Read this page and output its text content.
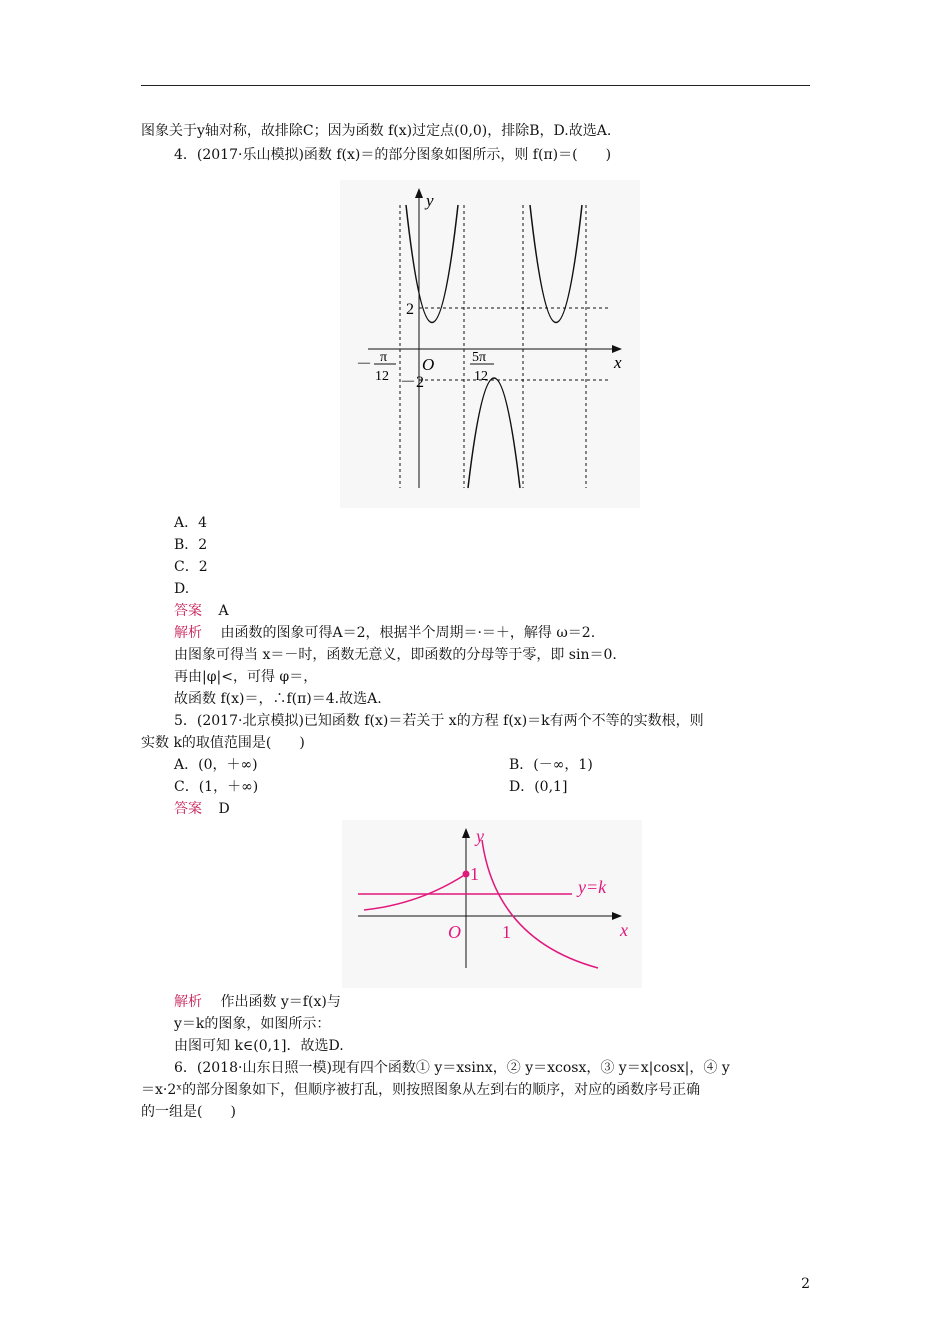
图象关于y轴对称，故排除C；因为函数 f(x)过定点(0,0)，排除B，D.故选A.
4．(2017·乐山模拟)函数 f(x)＝的部分图象如图所示，则 f(π)＝(　　)
y
x
O
2
－2
－ π
12
5π
12
A．4
B．2
C．2
D.
答案 A
解析 由函数的图象可得A＝2，根据半个周期＝·＝＋，解得 ω＝2.
由图象可得当 x＝－时，函数无意义，即函数的分母等于零，即 sin＝0.
再由|φ|<，可得 φ＝，
故函数 f(x)＝，∴f(π)＝4.故选A.
5．(2017·北京模拟)已知函数 f(x)＝若关于 x的方程 f(x)＝k有两个不等的实数根，则
实数 k的取值范围是(　　)
A．(0，＋∞)	B．(－∞，1)
C．(1，＋∞)	D．(0,1]
答案 D
y
x
O
1
1
y=k
解析 作出函数 y＝f(x)与
y＝k的图象，如图所示：
由图可知 k∈(0,1]．故选D.
6．(2018·山东日照一模)现有四个函数① y＝xsinx，② y＝xcosx，③ y＝x|cosx|，④ y
＝x·2ˣ的部分图象如下，但顺序被打乱，则按照图象从左到右的顺序，对应的函数序号正确
的一组是(　　)
2
